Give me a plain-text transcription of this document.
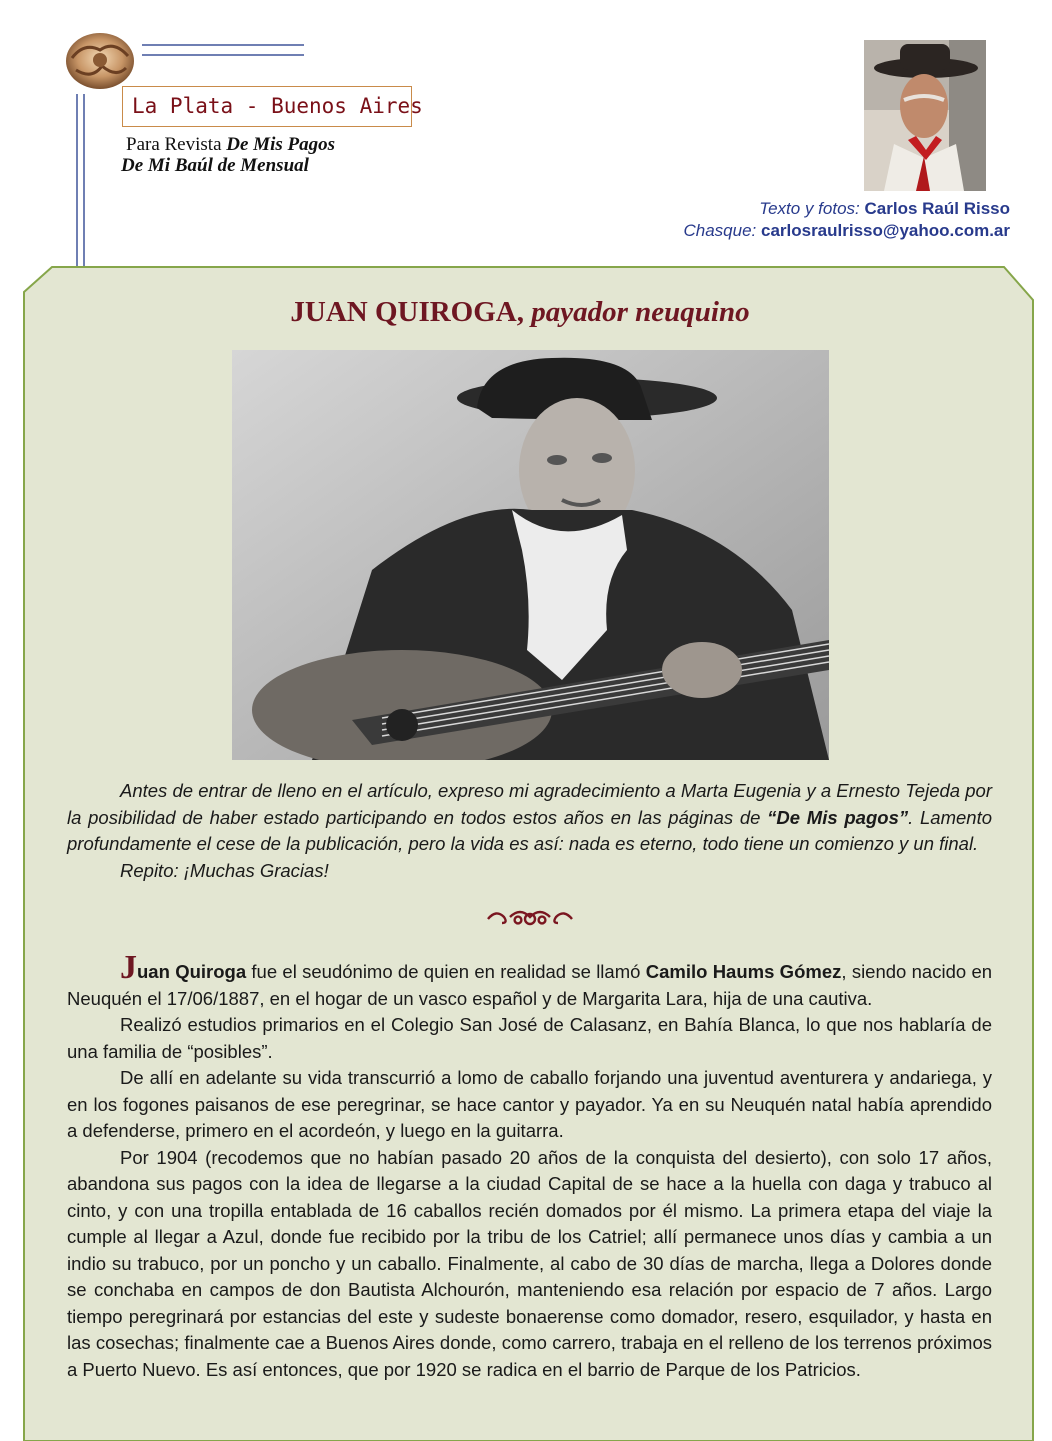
La Plata - Buenos Aires
Para Revista De Mis Pagos
De Mi Baúl de Mensual
Texto y fotos: Carlos Raúl Risso
Chasque: carlosraulrisso@yahoo.com.ar
JUAN QUIROGA, payador neuquino

Antes de entrar de lleno en el artículo, expreso mi agradecimiento a Marta Eugenia y a Ernesto Tejeda por la posibilidad de haber estado participando en todos estos años en las páginas de “De Mis pagos”. Lamento profundamente el cese de la publicación, pero la vida es así: nada es eterno, todo tiene un comienzo y un final.

Repito: ¡Muchas Gracias!

Juan Quiroga fue el seudónimo de quien en realidad se llamó Camilo Haums Gómez, siendo nacido en Neuquén el 17/06/1887, en el hogar de un vasco español y de Margarita Lara, hija de una cautiva.

Realizó estudios primarios en el Colegio San José de Calasanz, en Bahía Blanca, lo que nos hablaría de una familia de “posibles”.

De allí en adelante su vida transcurrió a lomo de caballo forjando una juventud aventurera y andariega, y en los fogones paisanos de ese peregrinar, se hace cantor y payador. Ya en su Neuquén natal había aprendido a defenderse, primero en el acordeón, y luego en la guitarra.

Por 1904 (recodemos que no habían pasado 20 años de la conquista del desierto), con solo 17 años, abandona sus pagos con la idea de llegarse a la ciudad Capital de se hace a la huella con daga y trabuco al cinto, y con una tropilla entablada de 16 caballos recién domados por él mismo. La primera etapa del viaje la cumple al llegar a Azul, donde fue recibido por la tribu de los Catriel; allí permanece unos días y cambia a un indio su trabuco, por un poncho y un caballo. Finalmente, al cabo de 30 días de marcha, llega a Dolores donde se conchaba en campos de don Bautista Alchourón, manteniendo esa relación por espacio de 7 años. Largo tiempo peregrinará por estancias del este y sudeste bonaerense como domador, resero, esquilador, y hasta en las cosechas; finalmente cae a Buenos Aires donde, como carrero, trabaja en el relleno de los terrenos próximos a Puerto Nuevo. Es así entonces, que por 1920 se radica en el barrio de Parque de los Patricios.
